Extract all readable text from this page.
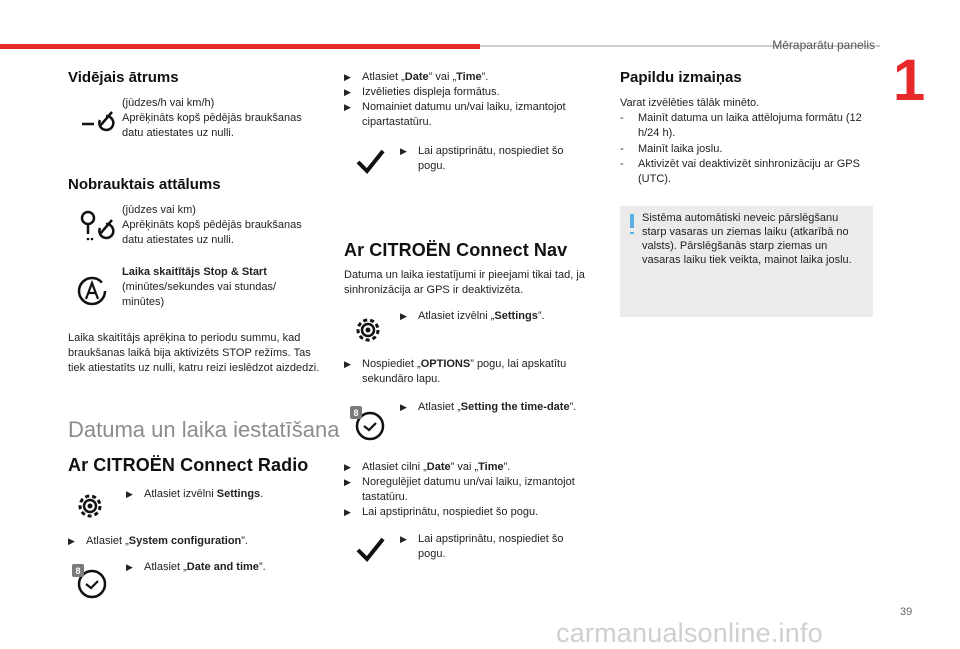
Mēraparātu panelis
1
Vidējais ātrums
(jūdzes/h vai km/h)
Aprēķināts kopš pēdējās braukšanas datu atiestates uz nulli.
Nobrauktais attālums
(jūdzes vai km)
Aprēķināts kopš pēdējās braukšanas datu atiestates uz nulli.
Laika skaitītājs Stop & Start
(minūtes/sekundes vai stundas/ minūtes)
Laika skaitītājs aprēķina to periodu summu, kad braukšanas laikā bija aktivizēts STOP režīms. Tas tiek atiestatīts uz nulli, katru reizi ieslēdzot aizdedzi.
Datuma un laika iestatīšana
Ar CITROËN Connect Radio
▶	Atlasiet izvēlni Settings.
▶	Atlasiet „System configuration”.
8	▶	Atlasiet „Date and time”.
▶	Atlasiet „Date” vai „Time”.
▶	Izvēlieties displeja formātus.
▶	Nomainiet datumu un/vai laiku, izmantojot cipartastatūru.
▶	Lai apstiprinātu, nospiediet šo pogu.
Ar CITROËN Connect Nav
Datuma un laika iestatījumi ir pieejami tikai tad, ja sinhronizācija ar GPS ir deaktivizēta.
▶	Atlasiet izvēlni „Settings”.
▶	Nospiediet „OPTIONS” pogu, lai apskatītu sekundāro lapu.
8
▶	Atlasiet „Setting the time-date”.
▶	Atlasiet cilni „Date” vai „Time”.
▶	Noregulējiet datumu un/vai laiku, izmantojot tastatūru.
▶	Lai apstiprinātu, nospiediet šo pogu.
▶	Lai apstiprinātu, nospiediet šo pogu.
Papildu izmaiņas
Varat izvēlēties tālāk minēto.
-	Mainīt datuma un laika attēlojuma formātu (12 h/24 h).
-	Mainīt laika joslu.
-	Aktivizēt vai deaktivizēt sinhronizāciju ar GPS (UTC).
Sistēma automātiski neveic pārslēgšanu starp vasaras un ziemas laiku (atkarībā no valsts). Pārslēgšanās starp ziemas un vasaras laiku tiek veikta, mainot laika joslu.
39
carmanualsonline.info
